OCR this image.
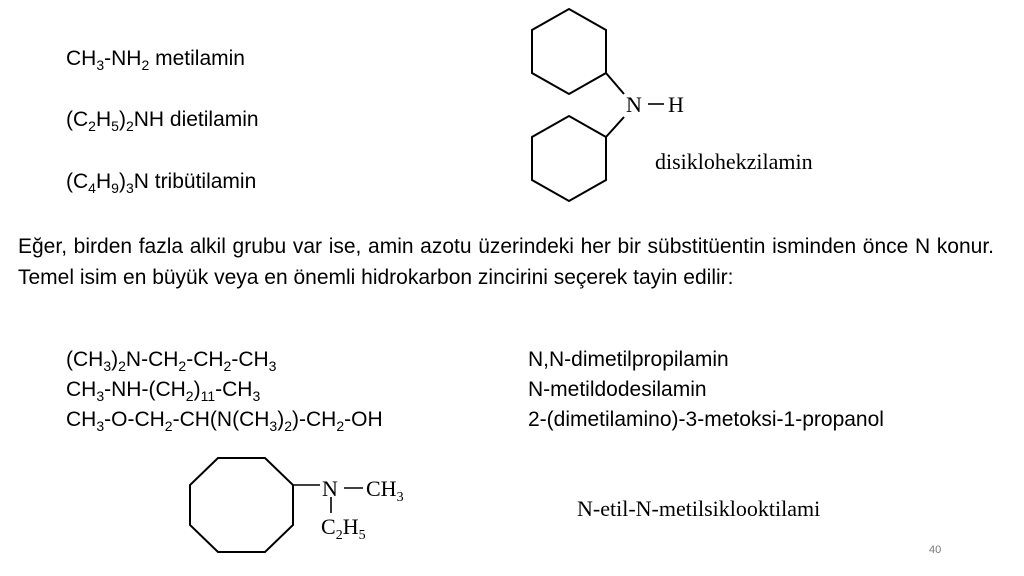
$CH_3-NH_2$ metilamin
$(C_2H_5)_2NH$ dietilamin
$(C_4H_9)_3N$ tribütilamin
N H
disiklohekzilamin
Eğer, birden fazla alkil grubu var ise, amin azotu üzerindeki her bir sübstitüentin isminden önce N konur. Temel isim en büyük veya en önemli hidrokarbon zincirini seçerek tayin edilir:
$(CH_3)_2N-CH_2-CH_2-CH_3$
$CH_3-NH-(CH_2)_{11}-CH_3$
$CH_3-O-CH_2-CH(N(CH_3)_2)-CH_2-OH$
N,N-dimetilpropilamin
N-metildodesilamin
2-(dimetilamino)-3-metoksi-1-propanol
N $CH_3$
$C_2H_5$
N-etil-N-metilsiklooktilami
40
